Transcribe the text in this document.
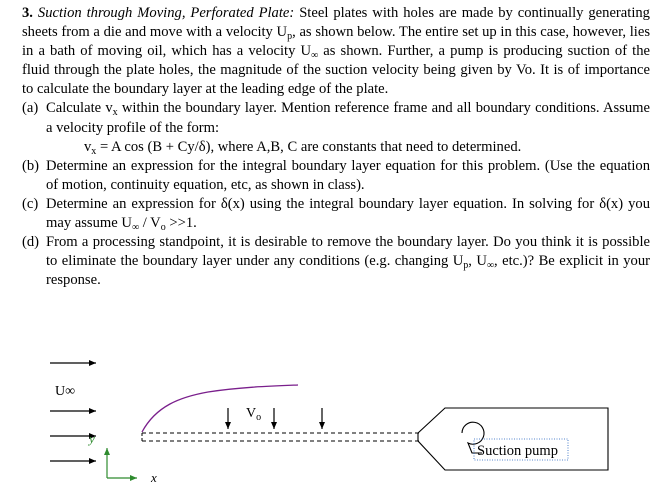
3. Suction through Moving, Perforated Plate: Steel plates with holes are made by continually generating sheets from a die and move with a velocity $U_p$, as shown below. The entire set up in this case, however, lies in a bath of moving oil, which has a velocity $U_\infty$ as shown. Further, a pump is producing suction of the fluid through the plate holes, the magnitude of the suction velocity being given by Vo. It is of importance to calculate the boundary layer at the leading edge of the plate.

(a) Calculate $v_x$ within the boundary layer. Mention reference frame and all boundary conditions. Assume a velocity profile of the form:

$v_x = A$ cos (B + Cy/δ), where A,B, C are constants that need to determined.

(b) Determine an expression for the integral boundary layer equation for this problem. (Use the equation of motion, continuity equation, etc, as shown in class).
(c) Determine an expression for δ(x) using the integral boundary layer equation. In solving for δ(x) you may assume $U_\infty / V_o >>1$.
(d) From a processing standpoint, it is desirable to remove the boundary layer. Do you think it is possible to eliminate the boundary layer under any conditions (e.g. changing $U_p$, $U_\infty$, etc.)? Be explicit in your response.
U∞
$V_o$
y
x
Suction pump
